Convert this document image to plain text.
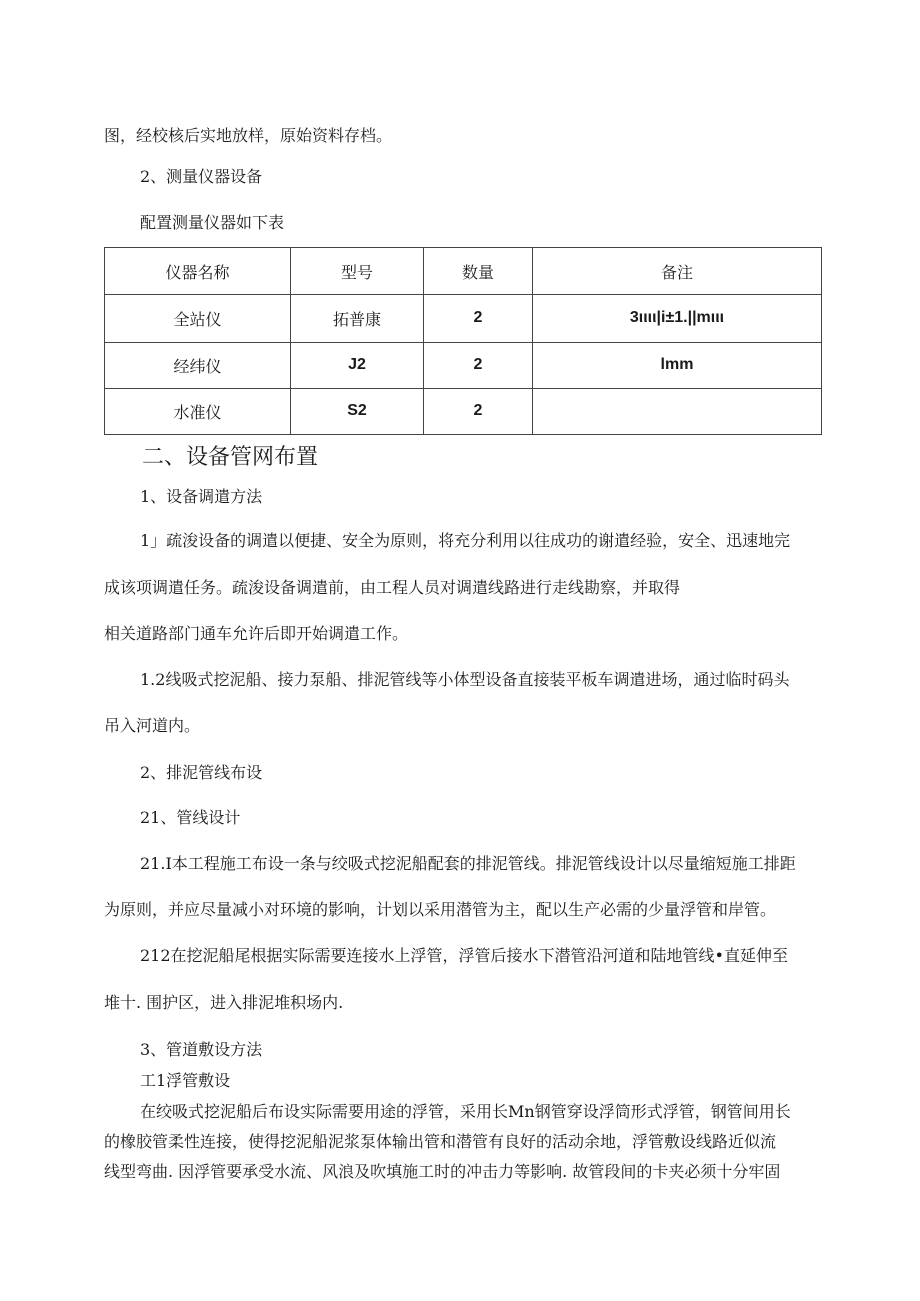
图，经校核后实地放样，原始资料存档。
2、测量仪器设备
配置测量仪器如下表
仪器名称	型号	数量	备注
全站仪	拓普康	2	3ιιιι|i±1.||mιιι
经纬仪	J2	2	lmm
水准仪	S2	2
二、设备管网布置
1、设备调遣方法
1」疏浚设备的调遣以便捷、安全为原则，将充分利用以往成功的谢遣经验，安全、迅速地完
成该项调遣任务。疏浚设备调遣前，由工程人员对调遣线路进行走线勘察，并取得
相关道路部门通车允许后即开始调遣工作。
1.2线吸式挖泥船、接力泵船、排泥管线等小体型设备直接装平板车调遣进场，通过临时码头
吊入河道内。
2、排泥管线布设
21、管线设计
21.I本工程施工布设一条与绞吸式挖泥船配套的排泥管线。排泥管线设计以尽量缩短施工排距
为原则，并应尽量减小对环境的影响，计划以采用潜管为主，配以生产必需的少量浮管和岸管。
212在挖泥船尾根据实际需要连接水上浮管，浮管后接水下潜管沿河道和陆地管线•直延伸至
堆十. 围护区，进入排泥堆积场内.
3、管道敷设方法
工1浮管敷设
在绞吸式挖泥船后布设实际需要用途的浮管，采用长Mn钢管穿设浮筒形式浮管，钢管间用长
的橡胶管柔性连接，使得挖泥船泥浆泵体输出管和潜管有良好的活动余地，浮管敷设线路近似流
线型弯曲. 因浮管要承受水流、风浪及吹填施工时的冲击力等影响. 故管段间的卡夹必须十分牢固
